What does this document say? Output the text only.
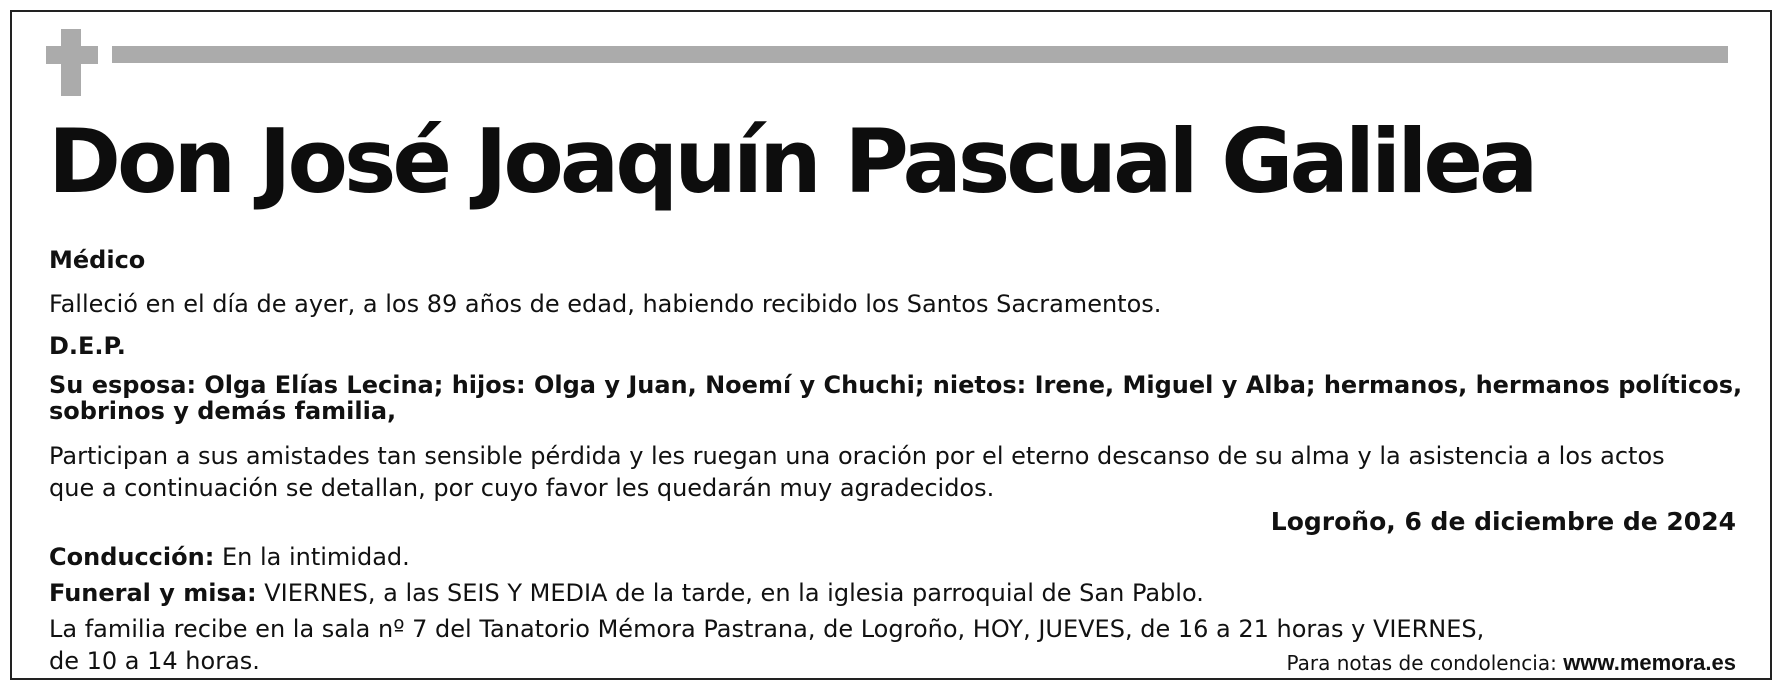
Don José Joaquín Pascual Galilea

Médico

Falleció en el día de ayer, a los 89 años de edad, habiendo recibido los Santos Sacramentos.

D.E.P.

Su esposa: Olga Elías Lecina; hijos: Olga y Juan, Noemí y Chuchi; nietos: Irene, Miguel y Alba; hermanos, hermanos políticos,
sobrinos y demás familia,
Participan a sus amistades tan sensible pérdida y les ruegan una oración por el eterno descanso de su alma y la asistencia a los actos
que a continuación se detallan, por cuyo favor les quedarán muy agradecidos.

Logroño, 6 de diciembre de 2024

Conducción: En la intimidad.

Funeral y misa: VIERNES, a las SEIS Y MEDIA de la tarde, en la iglesia parroquial de San Pablo.

La familia recibe en la sala nº 7 del Tanatorio Mémora Pastrana, de Logroño, HOY, JUEVES, de 16 a 21 horas y VIERNES,
de 10 a 14 horas.	Para notas de condolencia: www.memora.es
